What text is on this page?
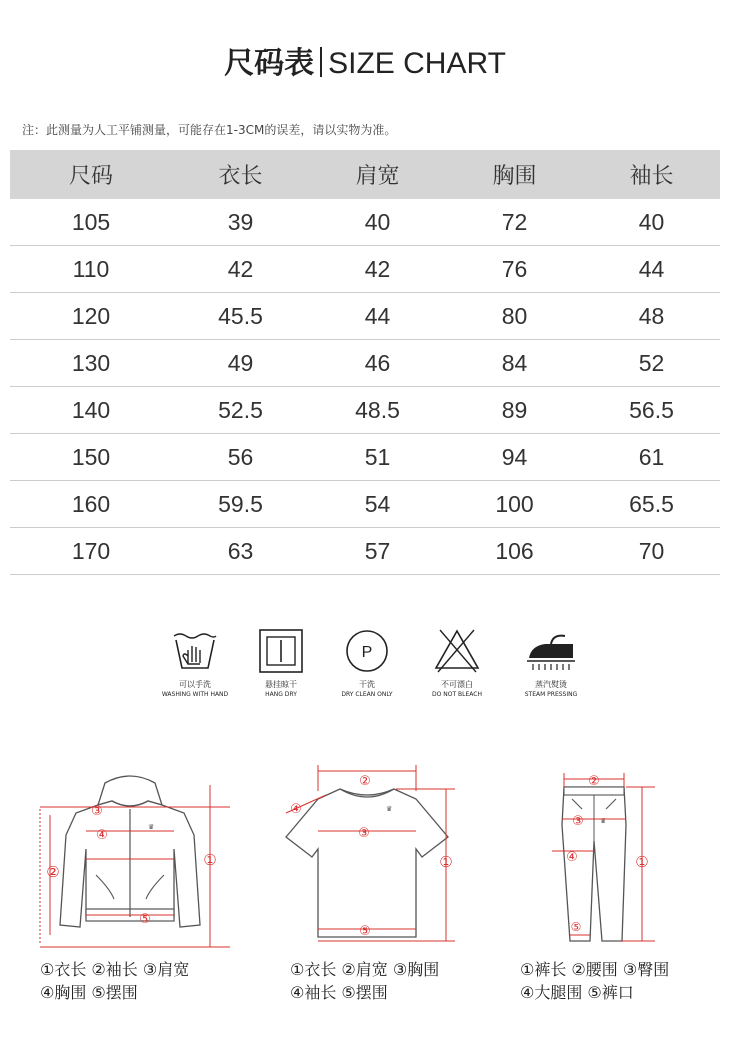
尺码表 SIZE CHART
注：此测量为人工平铺测量，可能存在1-3CM的误差，请以实物为准。
尺码	衣长	肩宽	胸围	袖长
105	39	40	72	40
110	42	42	76	44
120	45.5	44	80	48
130	49	46	84	52
140	52.5	48.5	89	56.5
150	56	51	94	61
160	59.5	54	100	65.5
170	63	57	106	70
可以手洗
WASHING WITH HAND
悬挂晾干
HANG DRY
P
干洗
DRY CLEAN ONLY
不可漂白
DO NOT BLEACH
蒸汽熨烫
STEAM PRESSING
♛
①
②
③
④
⑤
①衣长 ②袖长 ③肩宽
④胸围 ⑤摆围
♛
②
③
④
①
⑤
①衣长 ②肩宽 ③胸围
④袖长 ⑤摆围
♛
②
③
④	①
⑤
①裤长 ②腰围 ③臀围
④大腿围 ⑤裤口
